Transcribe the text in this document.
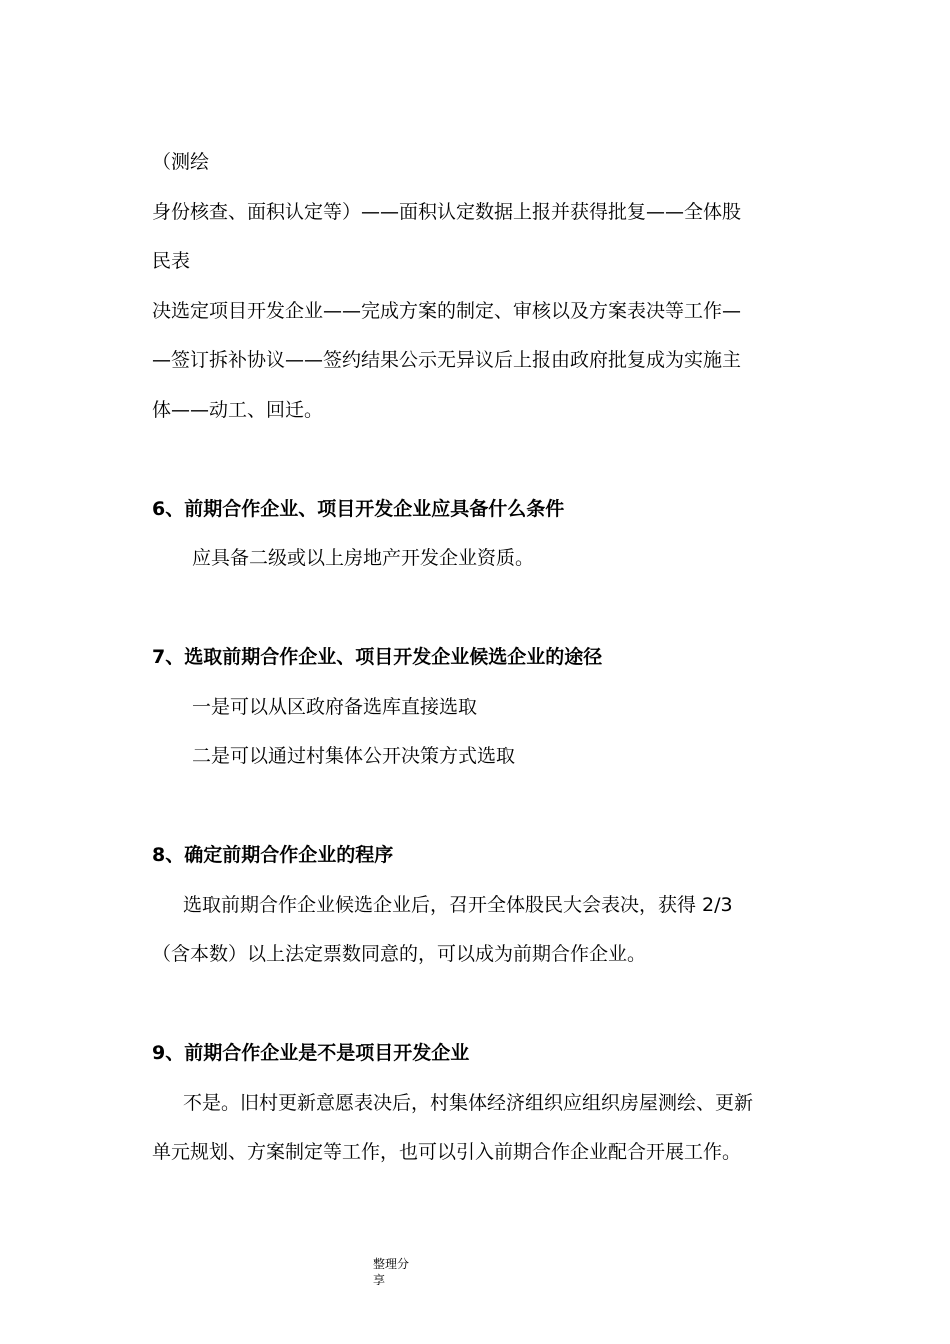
（测绘
身份核查、面积认定等）——面积认定数据上报并获得批复——全体股
民表
决选定项目开发企业——完成方案的制定、审核以及方案表决等工作—
—签订拆补协议——签约结果公示无异议后上报由政府批复成为实施主
体——动工、回迁。
6、前期合作企业、项目开发企业应具备什么条件
应具备二级或以上房地产开发企业资质。
7、选取前期合作企业、项目开发企业候选企业的途径
一是可以从区政府备选库直接选取
二是可以通过村集体公开决策方式选取
8、确定前期合作企业的程序
选取前期合作企业候选企业后，召开全体股民大会表决，获得 2/3
（含本数）以上法定票数同意的，可以成为前期合作企业。
9、前期合作企业是不是项目开发企业
不是。旧村更新意愿表决后，村集体经济组织应组织房屋测绘、更新
单元规划、方案制定等工作，也可以引入前期合作企业配合开展工作。
整理分
享
